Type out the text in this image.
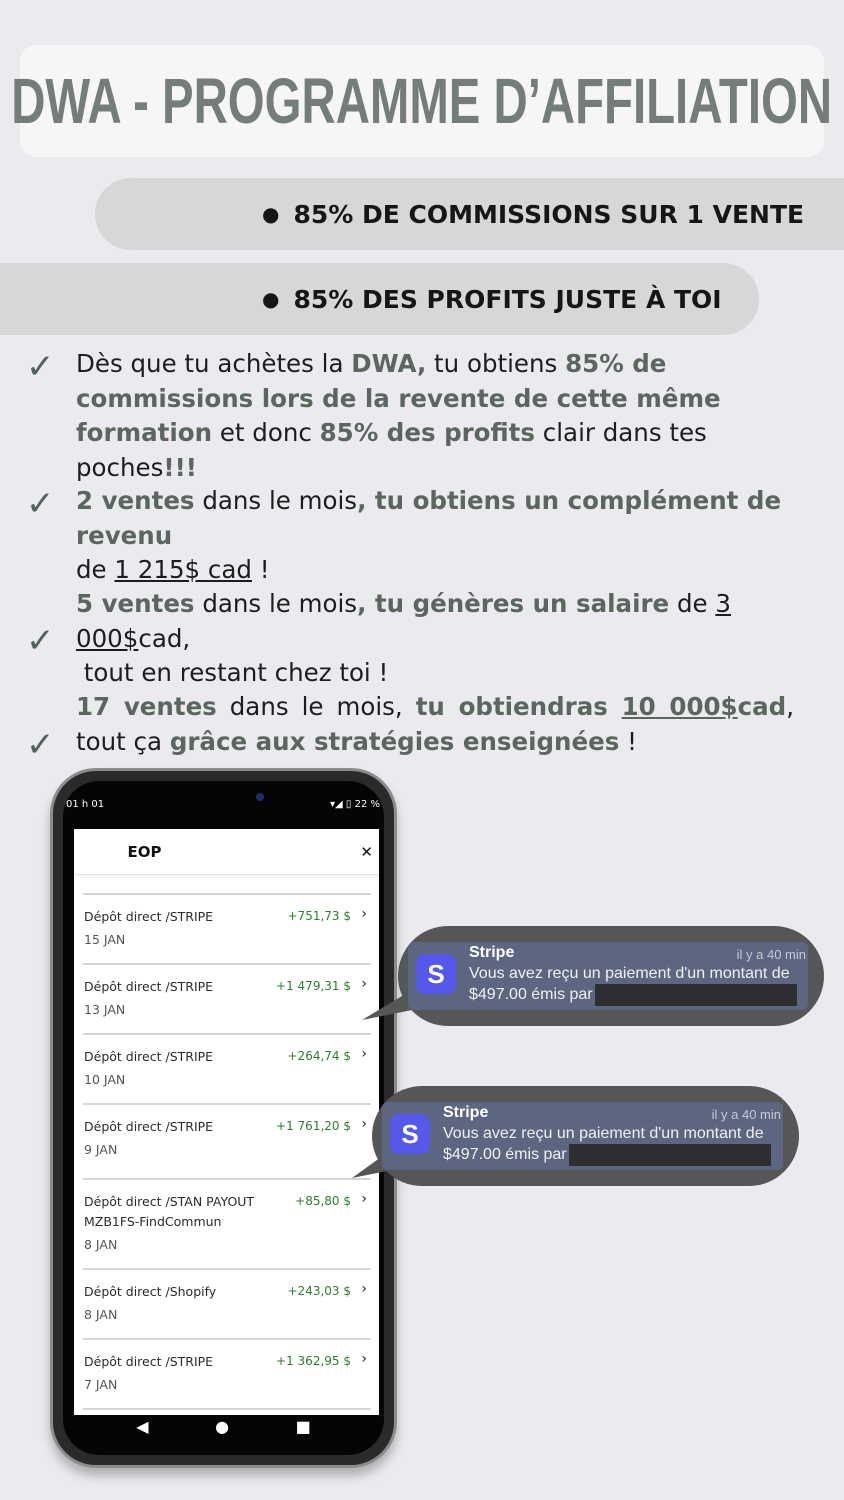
DWA - PROGRAMME D’AFFILIATION
● 85% DE COMMISSIONS SUR 1 VENTE
● 85% DES PROFITS JUSTE À TOI
✓ Dès que tu achètes la DWA, tu obtiens 85% de commissions lors de la revente de cette même formation et donc 85% des profits clair dans tes poches!!!
✓ 2 ventes dans le mois, tu obtiens un complément de revenu
de 1 215$ cad !
✓
5 ventes dans le mois, tu génères un salaire de 3 000$cad,
tout en restant chez toi !
✓
17 ventes dans le mois, tu obtiendras 10 000$cad, tout ça grâce aux stratégies enseignées !
01 h 01	▾◢ ▯ 22 %
EOP	✕
Dépôt direct /STRIPE
15 JAN
+751,73 $ ›
Dépôt direct /STRIPE
13 JAN
+1 479,31 $ ›
Dépôt direct /STRIPE
10 JAN
+264,74 $ ›
Dépôt direct /STRIPE
9 JAN
+1 761,20 $ ›
Dépôt direct /STAN PAYOUT
MZB1FS-FindCommun
8 JAN
+85,80 $ ›
Dépôt direct /Shopify
8 JAN
+243,03 $ ›
Dépôt direct /STRIPE
7 JAN
+1 362,95 $ ›
◀	●	■
S
Stripe	il y a 40 min
Vous avez reçu un paiement d'un montant de
$497.00 émis par
S
Stripe	il y a 40 min
Vous avez reçu un paiement d'un montant de
$497.00 émis par
